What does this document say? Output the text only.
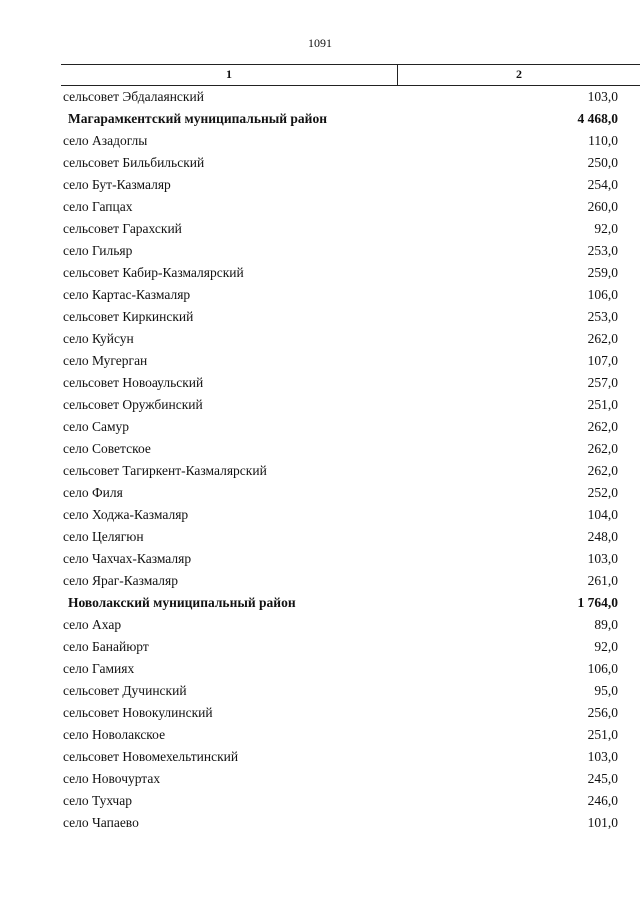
1091
1	2
сельсовет Эбдалаянский	103,0
Магарамкентский муниципальный район	4 468,0
село Азадоглы	110,0
сельсовет Бильбильский	250,0
село Бут-Казмаляр	254,0
село Гапцах	260,0
сельсовет Гарахский	92,0
село Гильяр	253,0
сельсовет Кабир-Казмалярский	259,0
село Картас-Казмаляр	106,0
сельсовет Киркинский	253,0
село Куйсун	262,0
село Мугерган	107,0
сельсовет Новоаульский	257,0
сельсовет Оружбинский	251,0
село Самур	262,0
село Советское	262,0
сельсовет Тагиркент-Казмалярский	262,0
село Филя	252,0
село Ходжа-Казмаляр	104,0
село Целягюн	248,0
село Чахчах-Казмаляр	103,0
село Яраг-Казмаляр	261,0
Новолакский муниципальный район	1 764,0
село Ахар	89,0
село Банайюрт	92,0
село Гамиях	106,0
сельсовет Дучинский	95,0
сельсовет Новокулинский	256,0
село Новолакское	251,0
сельсовет Новомехельтинский	103,0
село Новочуртах	245,0
село Тухчар	246,0
село Чапаево	101,0
